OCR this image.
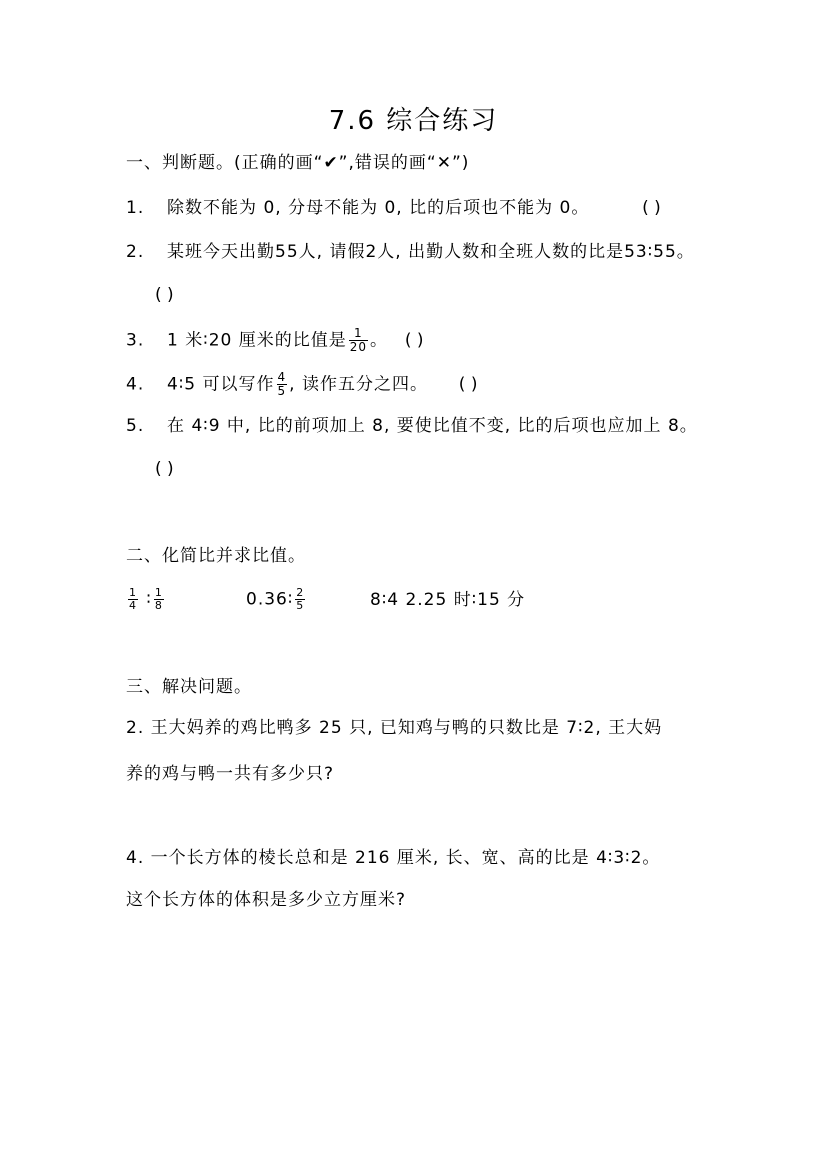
7.6 综合练习
一、判断题。(正确的画“✔”,错误的画“✕”)
1. 除数不能为 0, 分母不能为 0, 比的后项也不能为 0。	( )
2. 某班今天出勤55人, 请假2人, 出勤人数和全班人数的比是53∶55。
( )
3. 1 米∶20 厘米的比值是 $\frac{1}{20}$ 。 ( )
4. 4∶5 可以写作 $\frac{4}{5}$ , 读作五分之四。 ( )
5. 在 4∶9 中, 比的前项加上 8, 要使比值不变, 比的后项也应加上 8。
( )
二、化简比并求比值。
$\frac{1}{4}$ ∶ $\frac{1}{8}$	0.36∶ $\frac{2}{5}$	8∶4 2.25 时∶15 分
三、解决问题。
2. 王大妈养的鸡比鸭多 25 只, 已知鸡与鸭的只数比是 7∶2, 王大妈
养的鸡与鸭一共有多少只?
4. 一个长方体的棱长总和是 216 厘米, 长、宽、高的比是 4∶3∶2。
这个长方体的体积是多少立方厘米?
